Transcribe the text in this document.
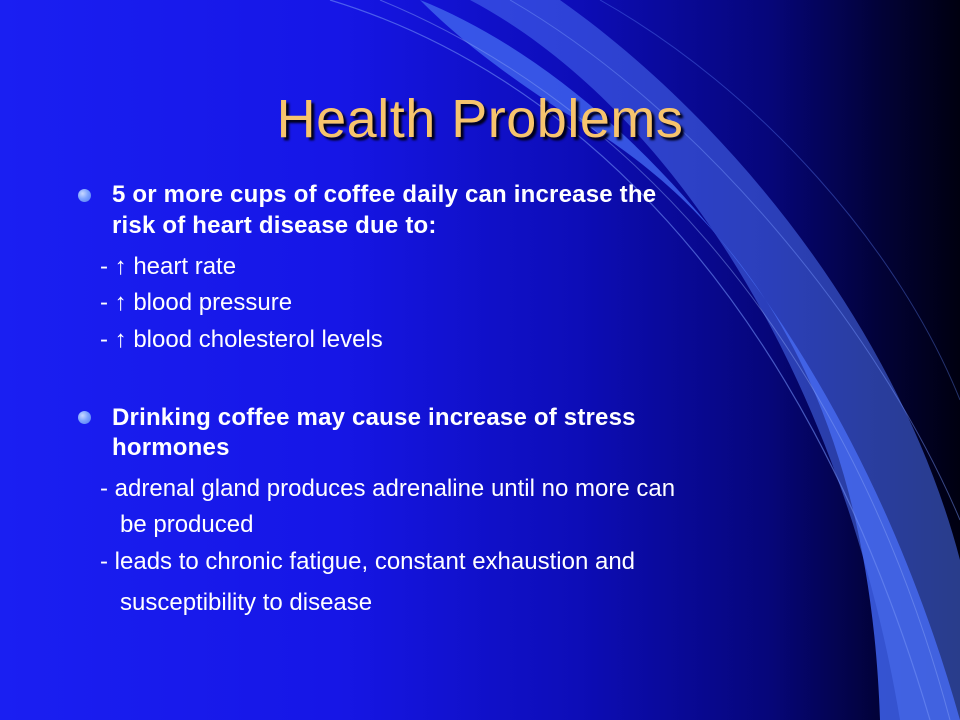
Health Problems
5 or more cups of coffee daily can increase the
risk of heart disease due to:
- ↑ heart rate
- ↑ blood pressure
- ↑ blood cholesterol levels
Drinking coffee may cause increase of stress
hormones
- adrenal gland produces adrenaline until no more can
be produced
- leads to chronic fatigue, constant exhaustion and
susceptibility to disease
